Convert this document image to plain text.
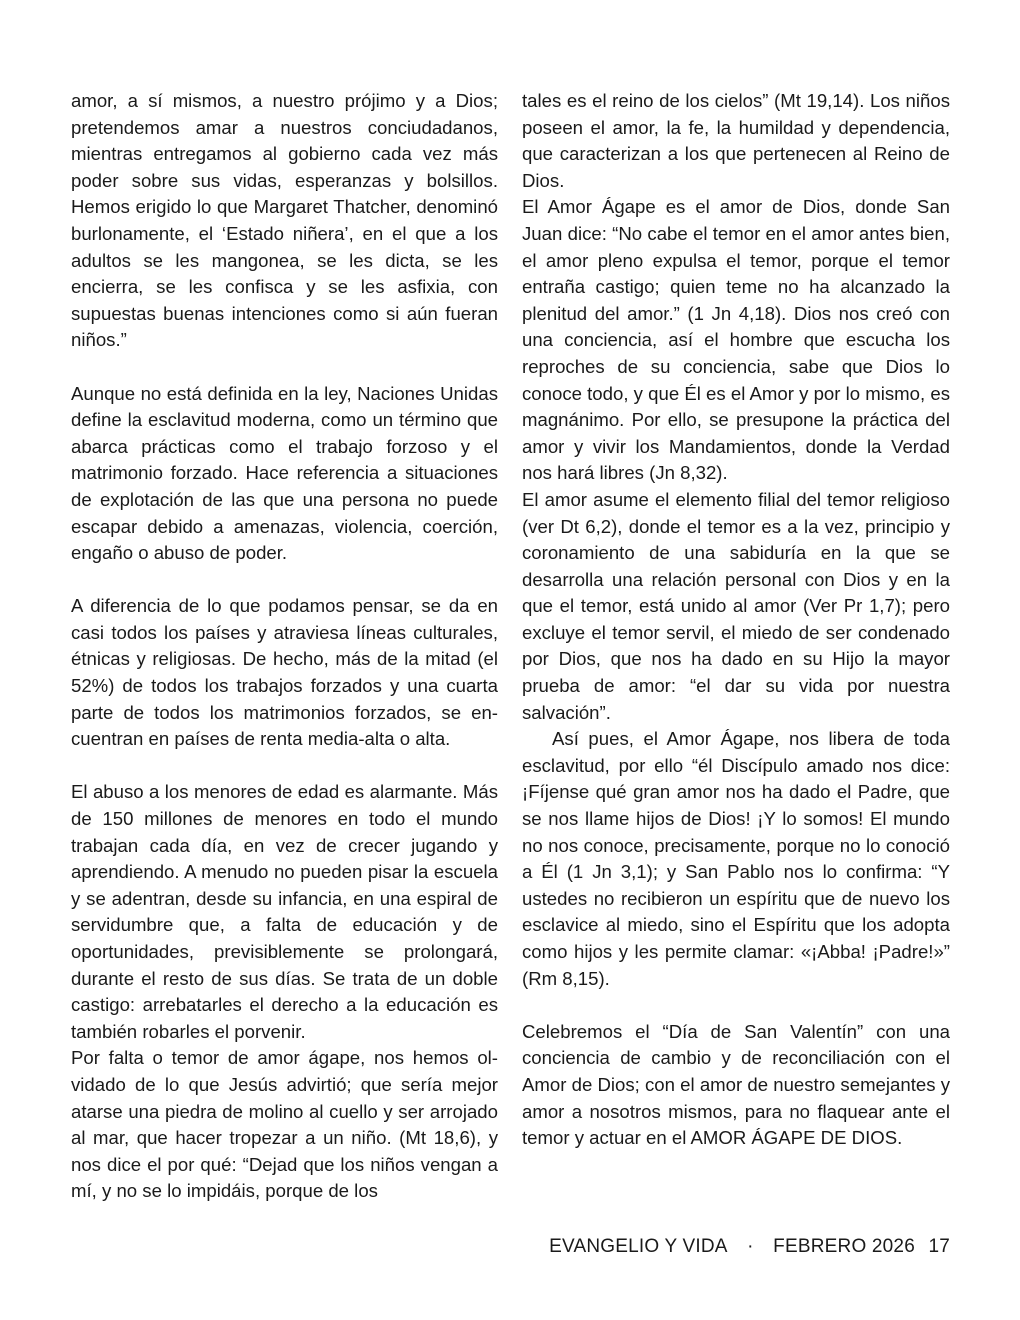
amor, a sí mismos, a nuestro prójimo y a Dios; pretendemos amar a nuestros conciudadanos, mientras entregamos al gobierno cada vez más poder sobre sus vidas, esperanzas y bolsillos. Hemos erigido lo que Margaret Thatcher, denominó burlonamente, el ‘Estado niñera’, en el que a los adultos se les mangonea, se les dicta, se les encierra, se les confisca y se les asfixia, con supuestas buenas intenciones como si aún fueran niños.”

Aunque no está definida en la ley, Naciones Unidas define la esclavitud moderna, como un término que abarca prácticas como el trabajo forzoso y el matrimonio forzado. Hace referencia a situaciones de explotación de las que una persona no puede escapar debido a amenazas, violencia, coerción, engaño o abuso de poder.

A diferencia de lo que podamos pensar, se da en casi todos los países y atraviesa líneas culturales, étnicas y religiosas. De hecho, más de la mitad (el 52%) de todos los trabajos forzados y una cuarta parte de todos los matrimonios forzados, se encuentran en países de renta media-alta o alta.

El abuso a los menores de edad es alarmante. Más de 150 millones de menores en todo el mundo trabajan cada día, en vez de crecer jugando y aprendiendo. A menudo no pueden pisar la escuela y se adentran, desde su infancia, en una espiral de servidumbre que, a falta de educación y de oportunidades, previsiblemente se prolongará, durante el resto de sus días. Se trata de un doble castigo: arrebatarles el derecho a la educación es también robarles el porvenir.

Por falta o temor de amor ágape, nos hemos olvidado de lo que Jesús advirtió; que sería mejor atarse una piedra de molino al cuello y ser arrojado al mar, que hacer tropezar a un niño. (Mt 18,6), y nos dice el por qué: “Dejad que los niños vengan a mí, y no se lo impidáis, porque de los

tales es el reino de los cielos” (Mt 19,14). Los niños poseen el amor, la fe, la humildad y dependencia, que caracterizan a los que pertenecen al Reino de Dios.

El Amor Ágape es el amor de Dios, donde San Juan dice: “No cabe el temor en el amor antes bien, el amor pleno expulsa el temor, porque el temor entraña castigo; quien teme no ha alcanzado la plenitud del amor.” (1 Jn 4,18). Dios nos creó con una conciencia, así el hombre que escucha los reproches de su conciencia, sabe que Dios lo conoce todo, y que Él es el Amor y por lo mismo, es magnánimo. Por ello, se presupone la práctica del amor y vivir los Mandamientos, donde la Verdad nos hará libres (Jn 8,32).

El amor asume el elemento filial del temor religioso (ver Dt 6,2), donde el temor es a la vez, principio y coronamiento de una sabiduría en la que se desarrolla una relación personal con Dios y en la que el temor, está unido al amor (Ver Pr 1,7); pero excluye el temor servil, el miedo de ser condenado por Dios, que nos ha dado en su Hijo la mayor prueba de amor: “el dar su vida por nuestra salvación”.

Así pues, el Amor Ágape, nos libera de toda esclavitud, por ello “él Discípulo amado nos dice: ¡Fíjense qué gran amor nos ha dado el Padre, que se nos llame hijos de Dios! ¡Y lo somos! El mundo no nos conoce, precisamente, porque no lo conoció a Él (1 Jn 3,1); y San Pablo nos lo confirma: “Y ustedes no recibieron un espíritu que de nuevo los esclavice al miedo, sino el Espíritu que los adopta como hijos y les permite clamar: «¡Abba! ¡Padre!»” (Rm 8,15).

Celebremos el “Día de San Valentín” con una conciencia de cambio y de reconciliación con el Amor de Dios; con el amor de nuestro semejantes y amor a nosotros mismos, para no flaquear ante el temor y actuar en el AMOR ÁGAPE DE DIOS.

EVANGELIO Y VIDA · FEBRERO 2026 17
